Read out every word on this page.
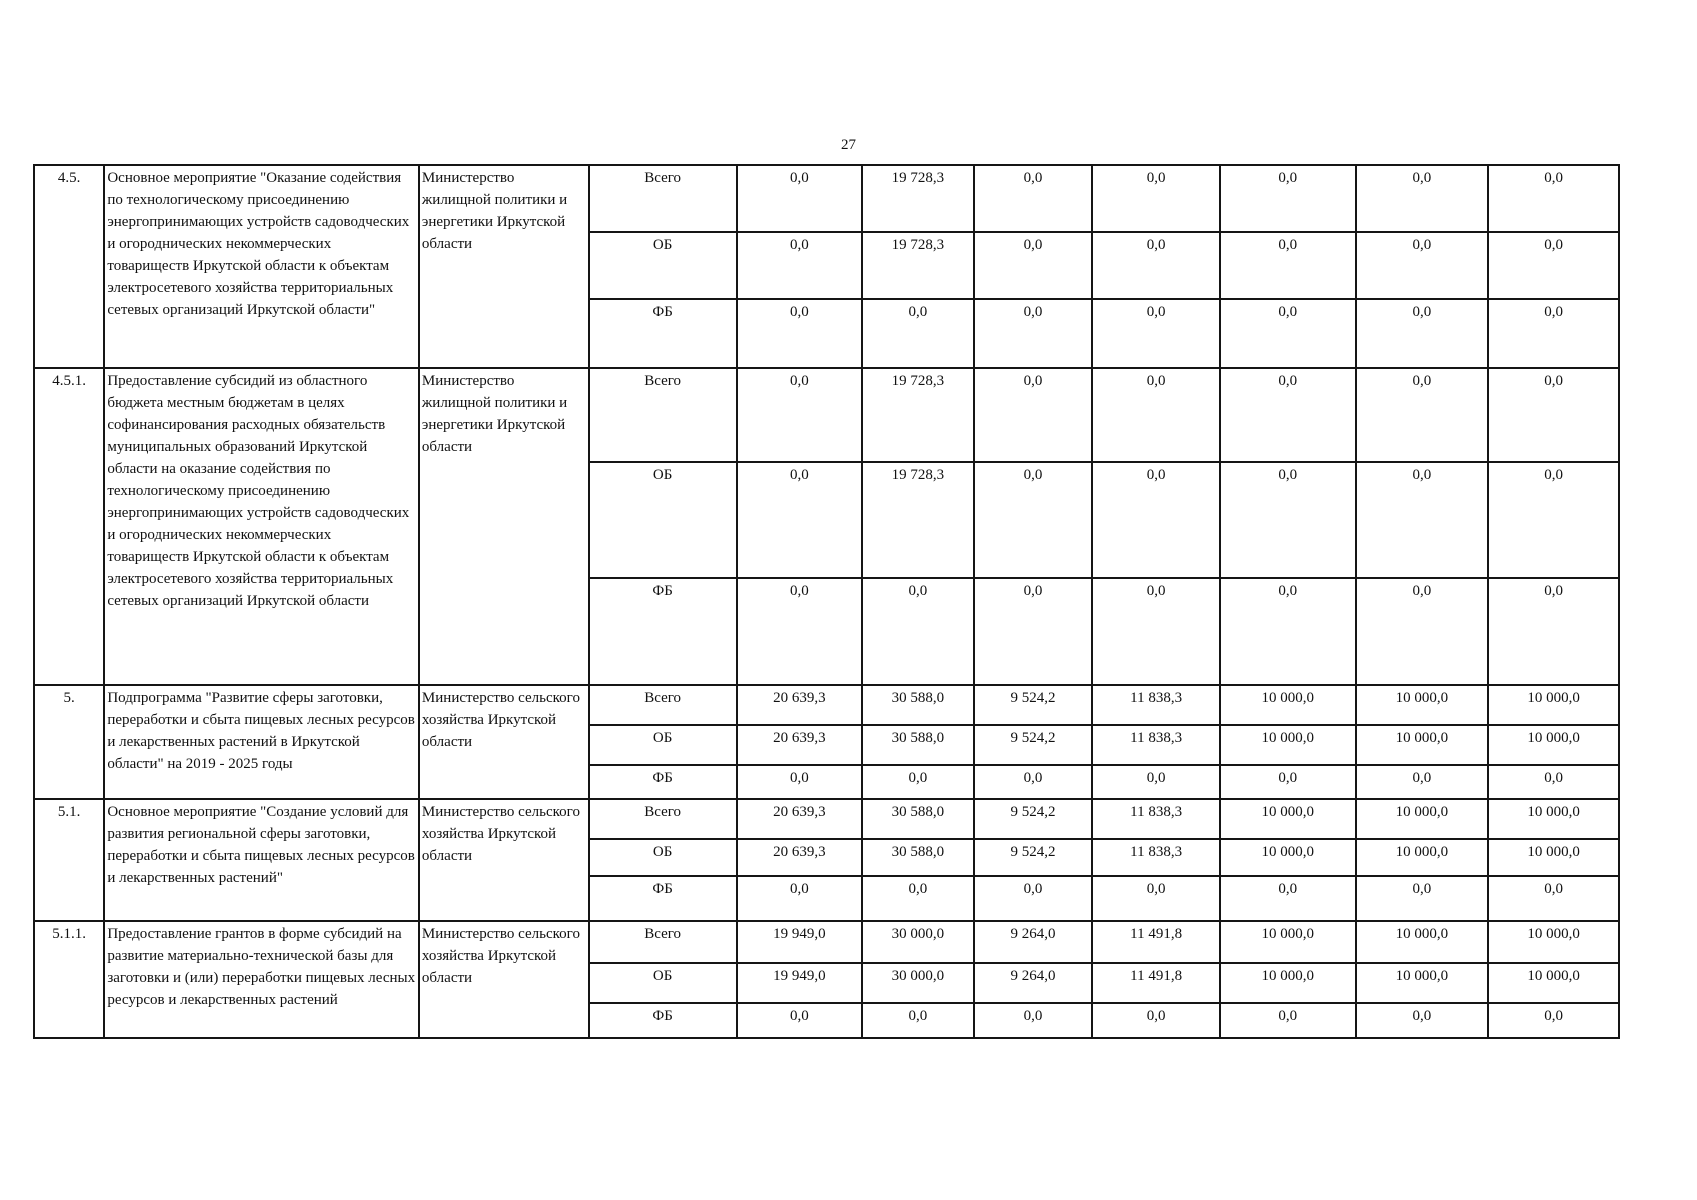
27
4.5.	Основное мероприятие "Оказание содействия по технологическому присоединению энергопринимающих устройств садоводческих и огороднических некоммерческих товариществ Иркутской области к объектам электросетевого хозяйства территориальных сетевых организаций Иркутской области"	Министерство жилищной политики и энергетики Иркутской области	Всего	0,0	19 728,3	0,0	0,0	0,0	0,0	0,0
			ОБ	0,0	19 728,3	0,0	0,0	0,0	0,0	0,0
			ФБ	0,0	0,0	0,0	0,0	0,0	0,0	0,0
4.5.1.	Предоставление субсидий из областного бюджета местным бюджетам в целях софинансирования расходных обязательств муниципальных образований Иркутской области на оказание содействия по технологическому присоединению энергопринимающих устройств садоводческих и огороднических некоммерческих товариществ Иркутской области к объектам электросетевого хозяйства территориальных сетевых организаций Иркутской области	Министерство жилищной политики и энергетики Иркутской области	Всего	0,0	19 728,3	0,0	0,0	0,0	0,0	0,0
			ОБ	0,0	19 728,3	0,0	0,0	0,0	0,0	0,0
			ФБ	0,0	0,0	0,0	0,0	0,0	0,0	0,0
5.	Подпрограмма "Развитие сферы заготовки, переработки и сбыта пищевых лесных ресурсов и лекарственных растений в Иркутской области" на 2019 - 2025 годы	Министерство сельского хозяйства Иркутской области	Всего	20 639,3	30 588,0	9 524,2	11 838,3	10 000,0	10 000,0	10 000,0
			ОБ	20 639,3	30 588,0	9 524,2	11 838,3	10 000,0	10 000,0	10 000,0
			ФБ	0,0	0,0	0,0	0,0	0,0	0,0	0,0
5.1.	Основное мероприятие "Создание условий для развития региональной сферы заготовки, переработки и сбыта пищевых лесных ресурсов и лекарственных растений"	Министерство сельского хозяйства Иркутской области	Всего	20 639,3	30 588,0	9 524,2	11 838,3	10 000,0	10 000,0	10 000,0
			ОБ	20 639,3	30 588,0	9 524,2	11 838,3	10 000,0	10 000,0	10 000,0
			ФБ	0,0	0,0	0,0	0,0	0,0	0,0	0,0
5.1.1.	Предоставление грантов в форме субсидий на развитие материально-технической базы для заготовки и (или) переработки пищевых лесных ресурсов и лекарственных растений	Министерство сельского хозяйства Иркутской области	Всего	19 949,0	30 000,0	9 264,0	11 491,8	10 000,0	10 000,0	10 000,0
			ОБ	19 949,0	30 000,0	9 264,0	11 491,8	10 000,0	10 000,0	10 000,0
			ФБ	0,0	0,0	0,0	0,0	0,0	0,0	0,0
